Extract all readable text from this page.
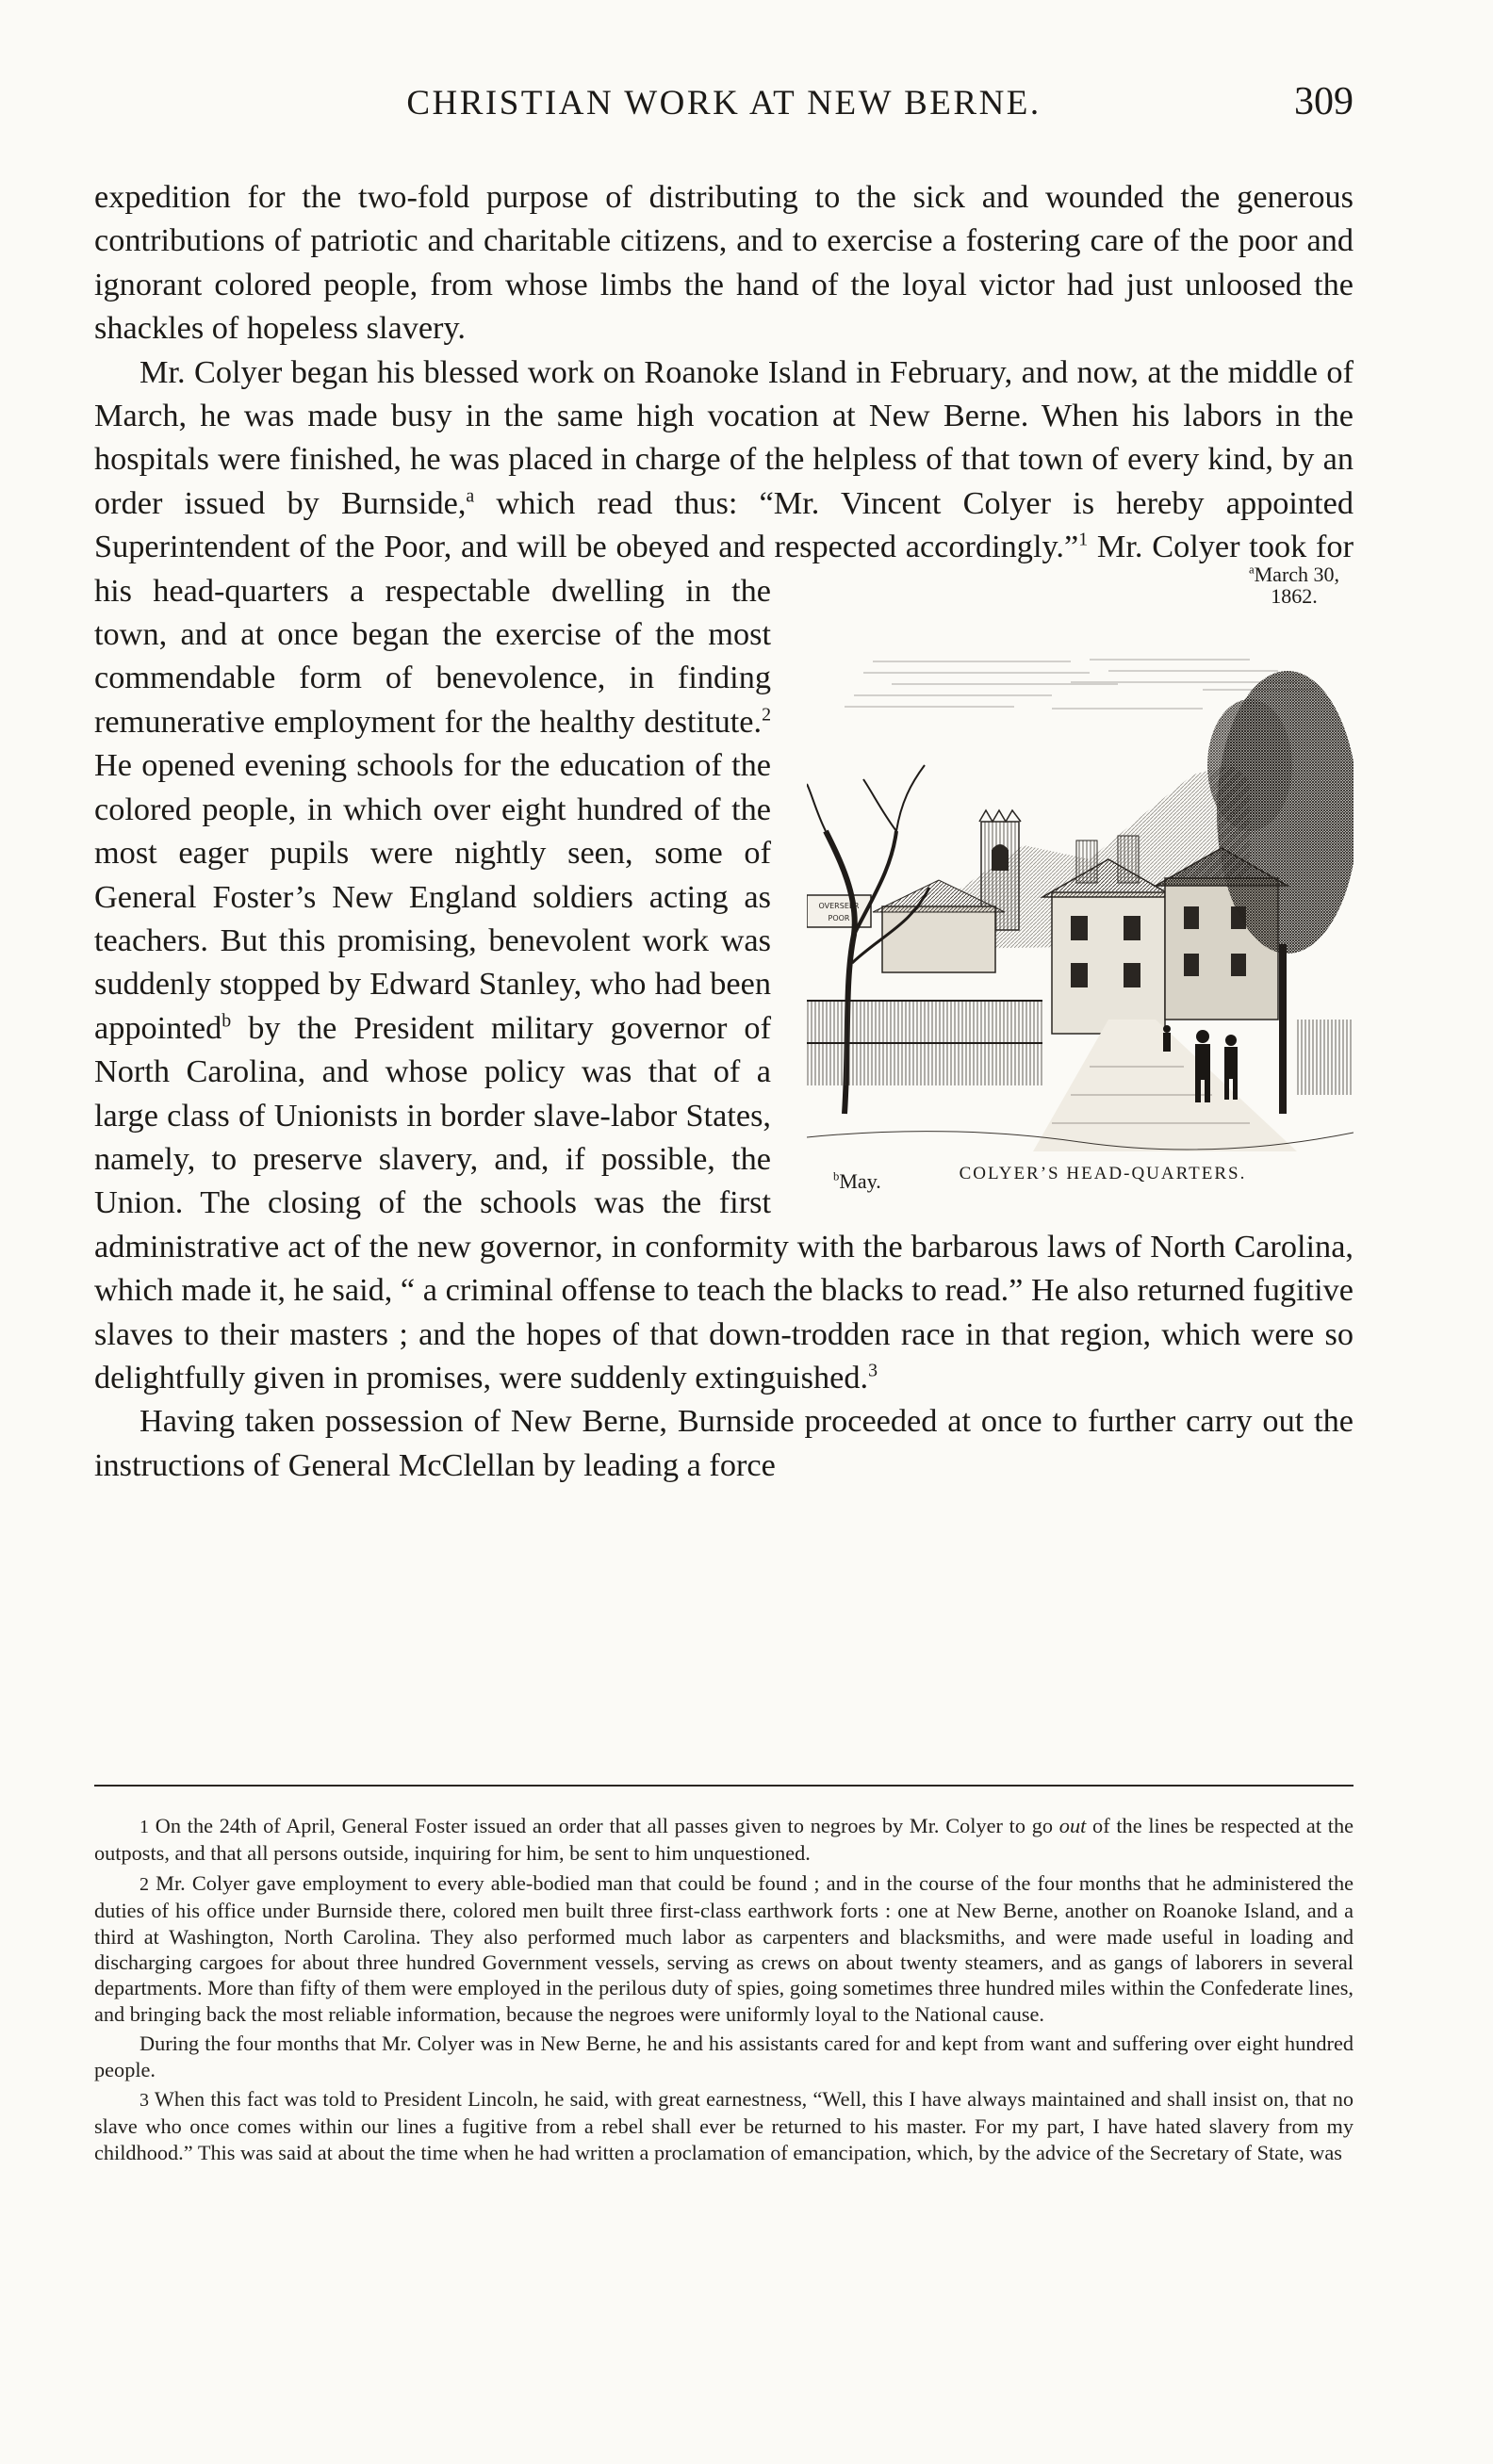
CHRISTIAN WORK AT NEW BERNE.	309
$^a$March 30,
1862.

expedition for the two-fold purpose of distributing to the sick and wounded the generous contributions of patriotic and charitable citizens, and to exercise a fostering care of the poor and ignorant colored people, from whose limbs the hand of the loyal victor had just unloosed the shackles of hopeless slavery.

Mr. Colyer began his blessed work on Roanoke Island in February, and now, at the middle of March, he was made busy in the same high vocation at New Berne. When his labors in the hospitals were finished, he was placed in charge of the helpless of that town of every kind, by an order issued by Burnside,$^a$ which read thus: “Mr. Vincent Colyer is hereby appointed Superintendent of the Poor, and will be obeyed and respected accordingly.”$^1$
$^b$May.
OVERSEER
POOR
COLYER’S HEAD-QUARTERS.
Mr. Colyer took for his head-quarters a respectable dwelling in the town, and at once began the exercise of the most commendable form of benevolence, in finding remunerative employment for the healthy destitute.$^2$ He opened evening schools for the education of the colored people, in which over eight hundred of the most eager pupils were nightly seen, some of General Foster’s New England soldiers acting as teachers. But this promising, benevolent work was suddenly stopped by Edward Stanley, who had been appointed$^b$ by the President military governor of North Carolina, and whose policy was that of a large class of Unionists in border slave-labor States, namely, to preserve slavery, and, if possible, the Union. The closing of the schools was the first administrative act of the new governor, in conformity with the barbarous laws of North Carolina, which made it, he said, “ a criminal offense to teach the blacks to read.” He also returned fugitive slaves to their masters ; and the hopes of that down-trodden race in that region, which were so delightfully given in promises, were suddenly extinguished.$^3$

Having taken possession of New Berne, Burnside proceeded at once to further carry out the instructions of General McClellan by leading a force

1 On the 24th of April, General Foster issued an order that all passes given to negroes by Mr. Colyer to go out of the lines be respected at the outposts, and that all persons outside, inquiring for him, be sent to him unquestioned.

2 Mr. Colyer gave employment to every able-bodied man that could be found ; and in the course of the four months that he administered the duties of his office under Burnside there, colored men built three first-class earthwork forts : one at New Berne, another on Roanoke Island, and a third at Washington, North Carolina. They also performed much labor as carpenters and blacksmiths, and were made useful in loading and discharging cargoes for about three hundred Government vessels, serving as crews on about twenty steamers, and as gangs of laborers in several departments. More than fifty of them were employed in the perilous duty of spies, going sometimes three hundred miles within the Confederate lines, and bringing back the most reliable information, because the negroes were uniformly loyal to the National cause.

During the four months that Mr. Colyer was in New Berne, he and his assistants cared for and kept from want and suffering over eight hundred people.

3 When this fact was told to President Lincoln, he said, with great earnestness, “Well, this I have always maintained and shall insist on, that no slave who once comes within our lines a fugitive from a rebel shall ever be returned to his master. For my part, I have hated slavery from my childhood.” This was said at about the time when he had written a proclamation of emancipation, which, by the advice of the Secretary of State, was
